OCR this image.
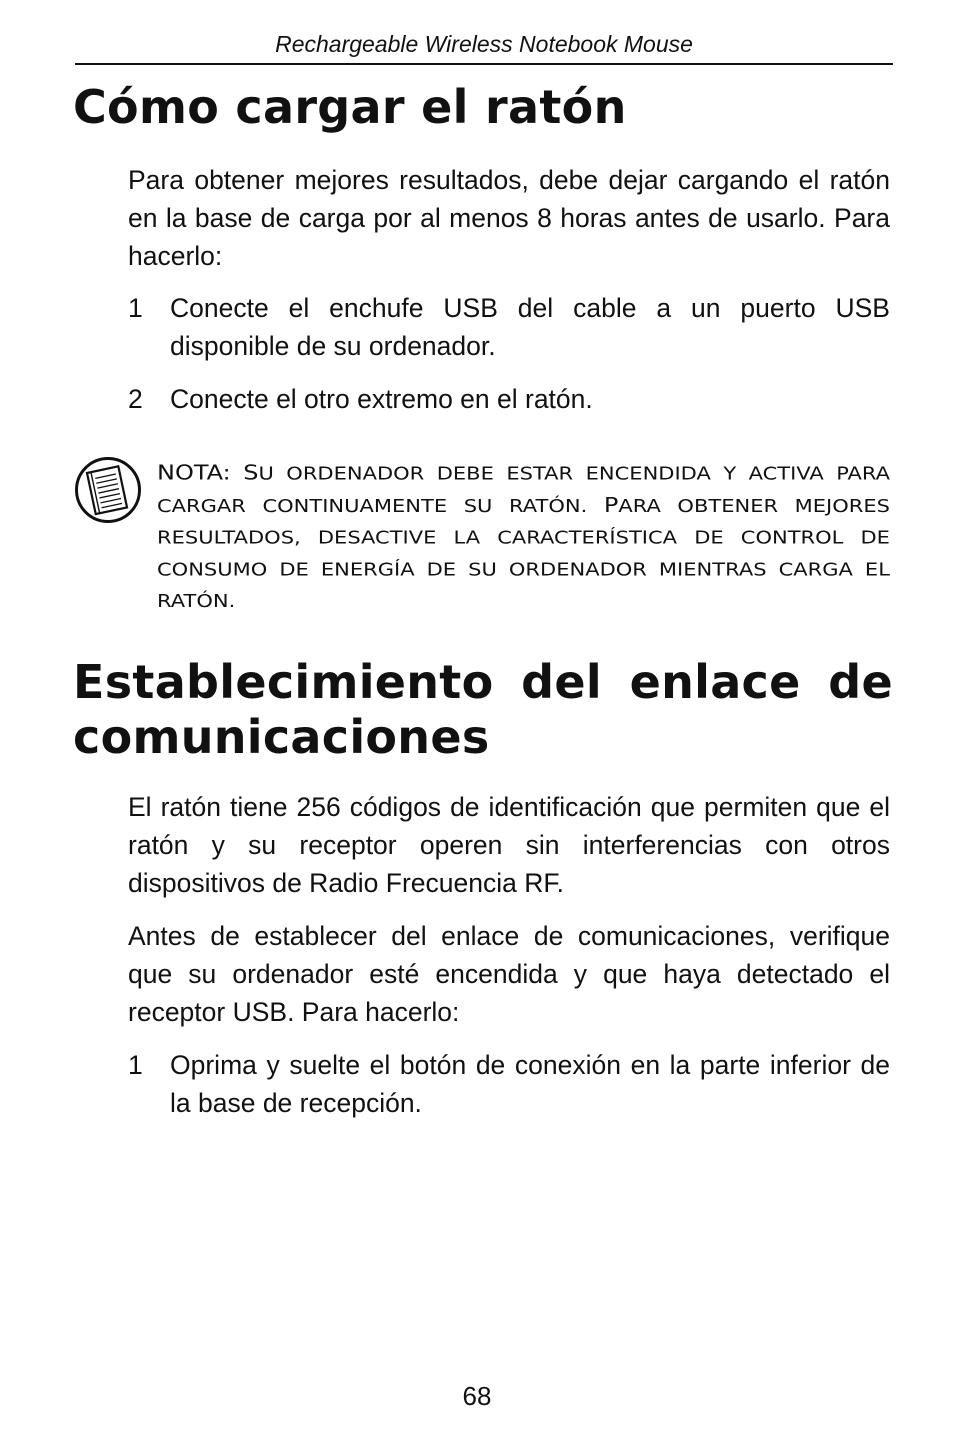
Rechargeable Wireless Notebook Mouse
Cómo cargar el ratón

Para obtener mejores resultados, debe dejar cargando el ratón en la base de carga por al menos 8 horas antes de usarlo. Para hacerlo:

1 Conecte el enchufe USB del cable a un puerto USB disponible de su ordenador.
2 Conecte el otro extremo en el ratón.

NOTA: SU ORDENADOR DEBE ESTAR ENCENDIDA Y ACTIVA PARA CARGAR CONTINUAMENTE SU RATÓN. PARA OBTENER MEJORES RESULTADOS, DESACTIVE LA CARACTERÍSTICA DE CONTROL DE CONSUMO DE ENERGÍA DE SU ORDENADOR MIENTRAS CARGA EL RATÓN.

Establecimiento del enlace de comunicaciones

El ratón tiene 256 códigos de identificación que permiten que el ratón y su receptor operen sin interferencias con otros dispositivos de Radio Frecuencia RF.

Antes de establecer del enlace de comunicaciones, verifique que su ordenador esté encendida y que haya detectado el receptor USB. Para hacerlo:

1 Oprima y suelte el botón de conexión en la parte inferior de la base de recepción.
68
